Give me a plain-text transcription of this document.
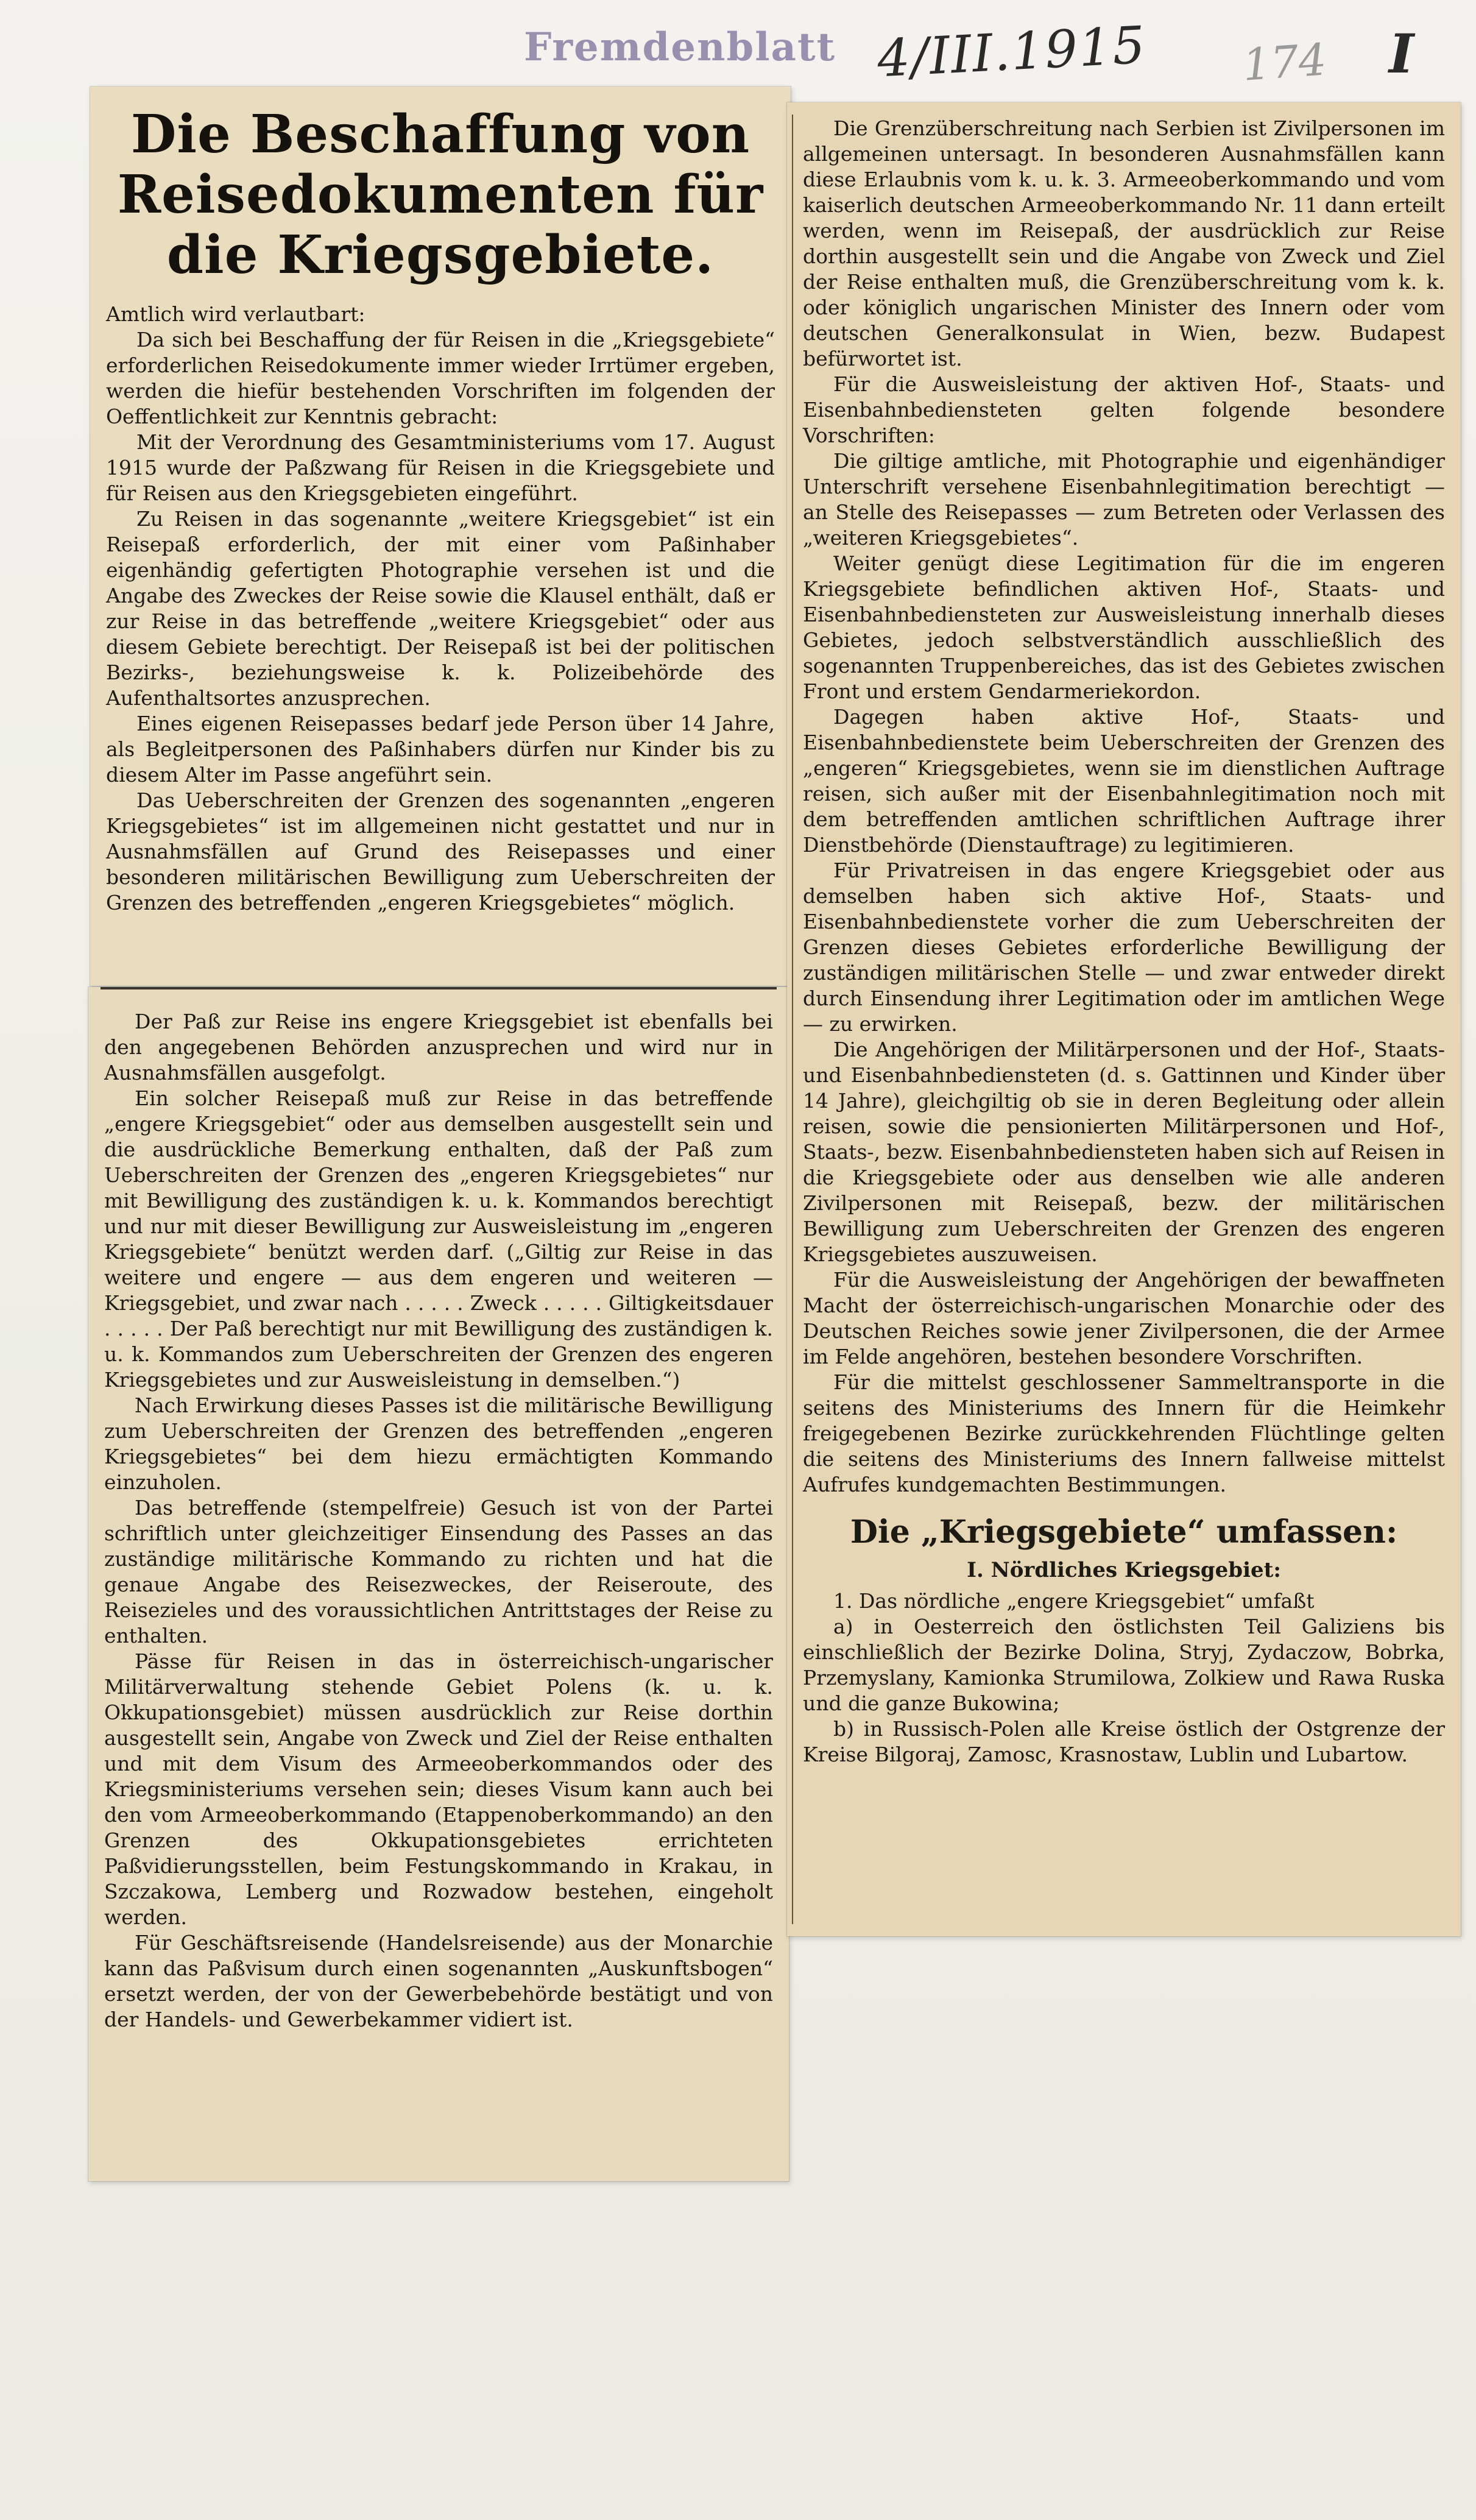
Fremdenblatt 4/III.1915 174 I
Die Beschaffung von Reisedokumenten für die Kriegsgebiete.

Amtlich wird verlautbart:

Da sich bei Beschaffung der für Reisen in die „Kriegsgebiete“ erforderlichen Reisedokumente immer wieder Irrtümer ergeben, werden die hiefür bestehenden Vorschriften im folgenden der Oeffentlichkeit zur Kenntnis gebracht:

Mit der Verordnung des Gesamtministeriums vom 17. August 1915 wurde der Paßzwang für Reisen in die Kriegsgebiete und für Reisen aus den Kriegsgebieten eingeführt.

Zu Reisen in das sogenannte „weitere Kriegsgebiet“ ist ein Reisepaß erforderlich, der mit einer vom Paßinhaber eigenhändig gefertigten Photographie versehen ist und die Angabe des Zweckes der Reise sowie die Klausel enthält, daß er zur Reise in das betreffende „weitere Kriegsgebiet“ oder aus diesem Gebiete berechtigt. Der Reisepaß ist bei der politischen Bezirks-, beziehungsweise k. k. Polizeibehörde des Aufenthaltsortes anzusprechen.

Eines eigenen Reisepasses bedarf jede Person über 14 Jahre, als Begleitpersonen des Paßinhabers dürfen nur Kinder bis zu diesem Alter im Passe angeführt sein.

Das Ueberschreiten der Grenzen des sogenannten „engeren Kriegsgebietes“ ist im allgemeinen nicht gestattet und nur in Ausnahmsfällen auf Grund des Reisepasses und einer besonderen militärischen Bewilligung zum Ueberschreiten der Grenzen des betreffenden „engeren Kriegsgebietes“ möglich.

Der Paß zur Reise ins engere Kriegsgebiet ist ebenfalls bei den angegebenen Behörden anzusprechen und wird nur in Ausnahmsfällen ausgefolgt.

Ein solcher Reisepaß muß zur Reise in das betreffende „engere Kriegsgebiet“ oder aus demselben ausgestellt sein und die ausdrückliche Bemerkung enthalten, daß der Paß zum Ueberschreiten der Grenzen des „engeren Kriegsgebietes“ nur mit Bewilligung des zuständigen k. u. k. Kommandos berechtigt und nur mit dieser Bewilligung zur Ausweisleistung im „engeren Kriegsgebiete“ benützt werden darf. („Giltig zur Reise in das weitere und engere — aus dem engeren und weiteren — Kriegsgebiet, und zwar nach . . . . . Zweck . . . . . Giltigkeitsdauer . . . . . Der Paß berechtigt nur mit Bewilligung des zuständigen k. u. k. Kommandos zum Ueberschreiten der Grenzen des engeren Kriegsgebietes und zur Ausweisleistung in demselben.“)

Nach Erwirkung dieses Passes ist die militärische Bewilligung zum Ueberschreiten der Grenzen des betreffenden „engeren Kriegsgebietes“ bei dem hiezu ermächtigten Kommando einzuholen.

Das betreffende (stempelfreie) Gesuch ist von der Partei schriftlich unter gleichzeitiger Einsendung des Passes an das zuständige militärische Kommando zu richten und hat die genaue Angabe des Reisezweckes, der Reiseroute, des Reisezieles und des voraussichtlichen Antrittstages der Reise zu enthalten.

Pässe für Reisen in das in österreichisch-ungarischer Militärverwaltung stehende Gebiet Polens (k. u. k. Okkupationsgebiet) müssen ausdrücklich zur Reise dorthin ausgestellt sein, Angabe von Zweck und Ziel der Reise enthalten und mit dem Visum des Armeeoberkommandos oder des Kriegsministeriums versehen sein; dieses Visum kann auch bei den vom Armeeoberkommando (Etappenoberkommando) an den Grenzen des Okkupationsgebietes errichteten Paßvidierungsstellen, beim Festungskommando in Krakau, in Szczakowa, Lemberg und Rozwadow bestehen, eingeholt werden.

Für Geschäftsreisende (Handelsreisende) aus der Monarchie kann das Paßvisum durch einen sogenannten „Auskunftsbogen“ ersetzt werden, der von der Gewerbebehörde bestätigt und von der Handels- und Gewerbekammer vidiert ist.

Die Grenzüberschreitung nach Serbien ist Zivilpersonen im allgemeinen untersagt. In besonderen Ausnahmsfällen kann diese Erlaubnis vom k. u. k. 3. Armeeoberkommando und vom kaiserlich deutschen Armeeoberkommando Nr. 11 dann erteilt werden, wenn im Reisepaß, der ausdrücklich zur Reise dorthin ausgestellt sein und die Angabe von Zweck und Ziel der Reise enthalten muß, die Grenzüberschreitung vom k. k. oder königlich ungarischen Minister des Innern oder vom deutschen Generalkonsulat in Wien, bezw. Budapest befürwortet ist.

Für die Ausweisleistung der aktiven Hof-, Staats- und Eisenbahnbediensteten gelten folgende besondere Vorschriften:

Die giltige amtliche, mit Photographie und eigenhändiger Unterschrift versehene Eisenbahnlegitimation berechtigt — an Stelle des Reisepasses — zum Betreten oder Verlassen des „weiteren Kriegsgebietes“.

Weiter genügt diese Legitimation für die im engeren Kriegsgebiete befindlichen aktiven Hof-, Staats- und Eisenbahnbediensteten zur Ausweisleistung innerhalb dieses Gebietes, jedoch selbstverständlich ausschließlich des sogenannten Truppenbereiches, das ist des Gebietes zwischen Front und erstem Gendarmeriekordon.

Dagegen haben aktive Hof-, Staats- und Eisenbahnbedienstete beim Ueberschreiten der Grenzen des „engeren“ Kriegsgebietes, wenn sie im dienstlichen Auftrage reisen, sich außer mit der Eisenbahnlegitimation noch mit dem betreffenden amtlichen schriftlichen Auftrage ihrer Dienstbehörde (Dienstauftrage) zu legitimieren.

Für Privatreisen in das engere Kriegsgebiet oder aus demselben haben sich aktive Hof-, Staats- und Eisenbahnbedienstete vorher die zum Ueberschreiten der Grenzen dieses Gebietes erforderliche Bewilligung der zuständigen militärischen Stelle — und zwar entweder direkt durch Einsendung ihrer Legitimation oder im amtlichen Wege — zu erwirken.

Die Angehörigen der Militärpersonen und der Hof-, Staats- und Eisenbahnbediensteten (d. s. Gattinnen und Kinder über 14 Jahre), gleichgiltig ob sie in deren Begleitung oder allein reisen, sowie die pensionierten Militärpersonen und Hof-, Staats-, bezw. Eisenbahnbediensteten haben sich auf Reisen in die Kriegsgebiete oder aus denselben wie alle anderen Zivilpersonen mit Reisepaß, bezw. der militärischen Bewilligung zum Ueberschreiten der Grenzen des engeren Kriegsgebietes auszuweisen.

Für die Ausweisleistung der Angehörigen der bewaffneten Macht der österreichisch-ungarischen Monarchie oder des Deutschen Reiches sowie jener Zivilpersonen, die der Armee im Felde angehören, bestehen besondere Vorschriften.

Für die mittelst geschlossener Sammeltransporte in die seitens des Ministeriums des Innern für die Heimkehr freigegebenen Bezirke zurückkehrenden Flüchtlinge gelten die seitens des Ministeriums des Innern fallweise mittelst Aufrufes kundgemachten Bestimmungen.

Die „Kriegsgebiete“ umfassen:
I. Nördliches Kriegsgebiet:

1. Das nördliche „engere Kriegsgebiet“ umfaßt

a) in Oesterreich den östlichsten Teil Galiziens bis einschließlich der Bezirke Dolina, Stryj, Zydaczow, Bobrka, Przemyslany, Kamionka Strumilowa, Zolkiew und Rawa Ruska und die ganze Bukowina;

b) in Russisch-Polen alle Kreise östlich der Ostgrenze der Kreise Bilgoraj, Zamosc, Krasnostaw, Lublin und Lubartow.
